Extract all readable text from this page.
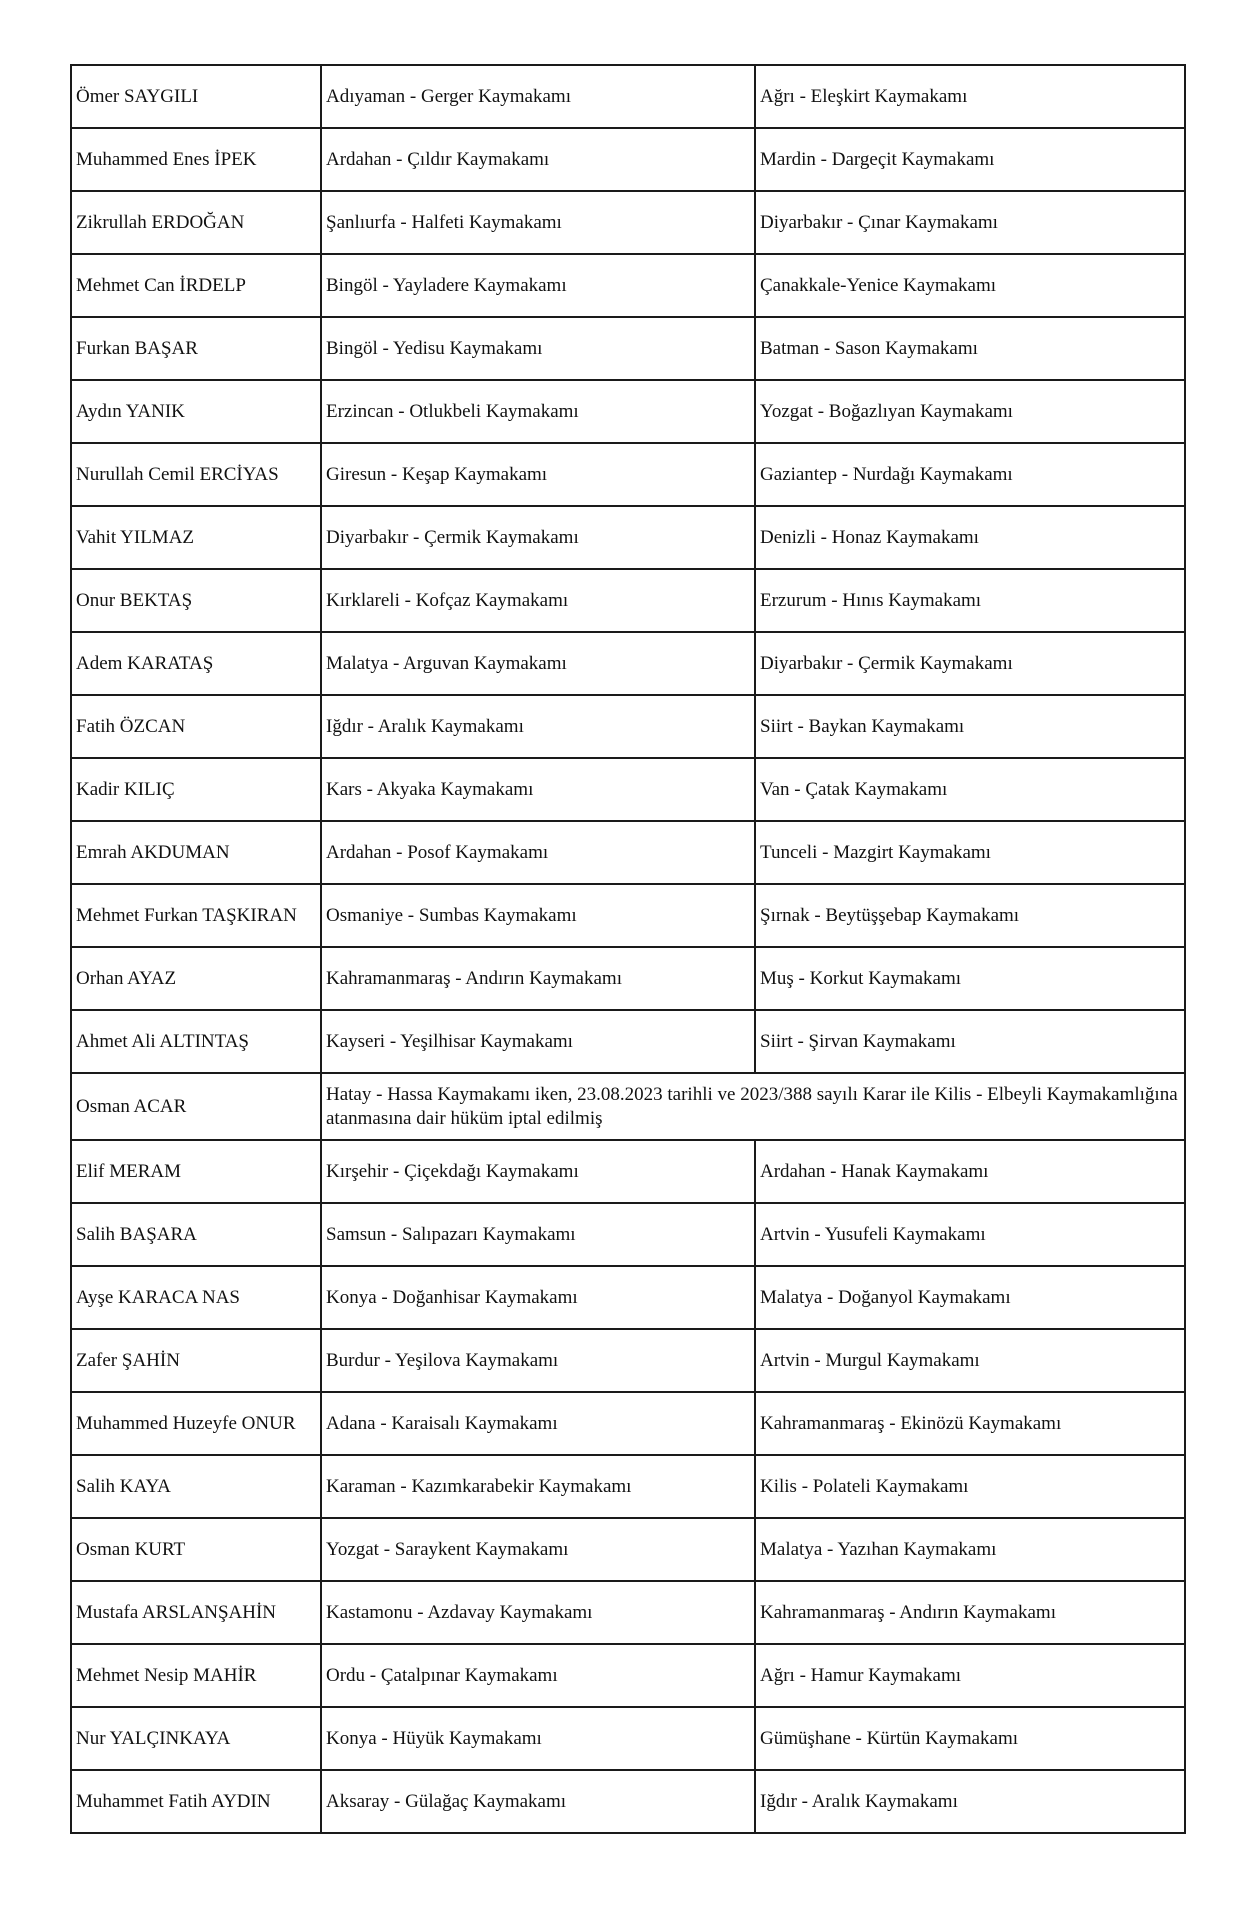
Ömer SAYGILI	Adıyaman - Gerger Kaymakamı	Ağrı - Eleşkirt Kaymakamı
Muhammed Enes İPEK	Ardahan - Çıldır Kaymakamı	Mardin - Dargeçit Kaymakamı
Zikrullah ERDOĞAN	Şanlıurfa - Halfeti Kaymakamı	Diyarbakır - Çınar Kaymakamı
Mehmet Can İRDELP	Bingöl - Yayladere Kaymakamı	Çanakkale-Yenice Kaymakamı
Furkan BAŞAR	Bingöl - Yedisu Kaymakamı	Batman - Sason Kaymakamı
Aydın YANIK	Erzincan - Otlukbeli Kaymakamı	Yozgat - Boğazlıyan Kaymakamı
Nurullah Cemil ERCİYAS	Giresun - Keşap Kaymakamı	Gaziantep - Nurdağı Kaymakamı
Vahit YILMAZ	Diyarbakır - Çermik Kaymakamı	Denizli - Honaz Kaymakamı
Onur BEKTAŞ	Kırklareli - Kofçaz Kaymakamı	Erzurum - Hınıs Kaymakamı
Adem KARATAŞ	Malatya - Arguvan Kaymakamı	Diyarbakır - Çermik Kaymakamı
Fatih ÖZCAN	Iğdır - Aralık Kaymakamı	Siirt - Baykan Kaymakamı
Kadir KILIÇ	Kars - Akyaka Kaymakamı	Van - Çatak Kaymakamı
Emrah AKDUMAN	Ardahan - Posof Kaymakamı	Tunceli - Mazgirt Kaymakamı
Mehmet Furkan TAŞKIRAN	Osmaniye - Sumbas Kaymakamı	Şırnak - Beytüşşebap Kaymakamı
Orhan AYAZ	Kahramanmaraş - Andırın Kaymakamı	Muş - Korkut Kaymakamı
Ahmet Ali ALTINTAŞ	Kayseri - Yeşilhisar Kaymakamı	Siirt - Şirvan Kaymakamı
Osman ACAR	Hatay - Hassa Kaymakamı iken, 23.08.2023 tarihli ve 2023/388 sayılı Karar ile Kilis - Elbeyli Kaymakamlığına atanmasına dair hüküm iptal edilmiş	
Elif MERAM	Kırşehir - Çiçekdağı Kaymakamı	Ardahan - Hanak Kaymakamı
Salih BAŞARA	Samsun - Salıpazarı Kaymakamı	Artvin - Yusufeli Kaymakamı
Ayşe KARACA NAS	Konya - Doğanhisar Kaymakamı	Malatya - Doğanyol Kaymakamı
Zafer ŞAHİN	Burdur - Yeşilova Kaymakamı	Artvin - Murgul Kaymakamı
Muhammed Huzeyfe ONUR	Adana - Karaisalı Kaymakamı	Kahramanmaraş - Ekinözü Kaymakamı
Salih KAYA	Karaman - Kazımkarabekir Kaymakamı	Kilis - Polateli Kaymakamı
Osman KURT	Yozgat - Saraykent Kaymakamı	Malatya - Yazıhan Kaymakamı
Mustafa ARSLANŞAHİN	Kastamonu - Azdavay Kaymakamı	Kahramanmaraş - Andırın Kaymakamı
Mehmet Nesip MAHİR	Ordu - Çatalpınar Kaymakamı	Ağrı - Hamur Kaymakamı
Nur YALÇINKAYA	Konya - Hüyük Kaymakamı	Gümüşhane - Kürtün Kaymakamı
Muhammet Fatih AYDIN	Aksaray - Gülağaç Kaymakamı	Iğdır - Aralık Kaymakamı
